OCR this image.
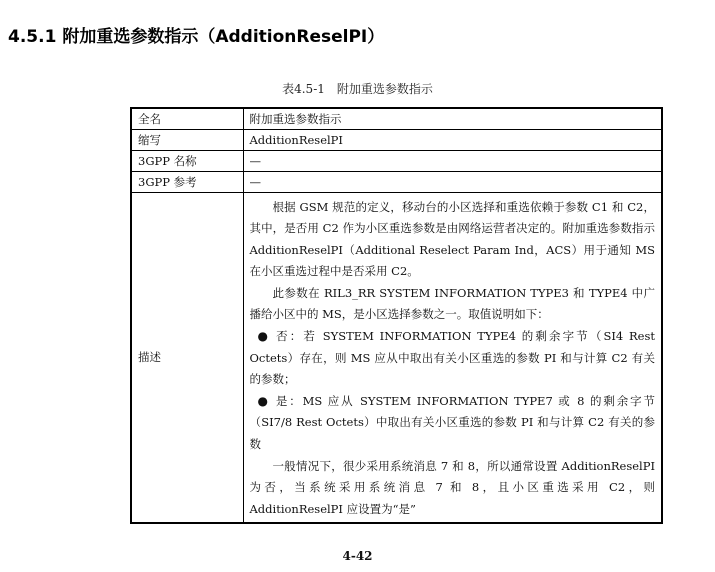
4.5.1 附加重选参数指示（AdditionReselPI）
表4.5-1　附加重选参数指示
全名	附加重选参数指示
缩写	AdditionReselPI
3GPP 名称	—
3GPP 参考	—
描述	根据 GSM 规范的定义，移动台的小区选择和重选依赖于参数 C1 和 C2，其中，是否用 C2 作为小区重选参数是由网络运营者决定的。附加重选参数指示 AdditionReselPI（Additional Reselect Param Ind，ACS）用于通知 MS 在小区重选过程中是否采用 C2。

此参数在 RIL3_RR SYSTEM INFORMATION TYPE3 和 TYPE4 中广播给小区中的 MS，是小区选择参数之一。取值说明如下：

● 否：若 SYSTEM INFORMATION TYPE4 的剩余字节（SI4 Rest Octets）存在，则 MS 应从中取出有关小区重选的参数 PI 和与计算 C2 有关的参数；

● 是：MS 应从 SYSTEM INFORMATION TYPE7 或 8 的剩余字节（SI7/8 Rest Octets）中取出有关小区重选的参数 PI 和与计算 C2 有关的参数

一般情况下，很少采用系统消息 7 和 8，所以通常设置 AdditionReselPI 为否，当系统采用系统消息 7 和 8，且小区重选采用 C2，则 AdditionReselPI 应设置为“是”

4-42
